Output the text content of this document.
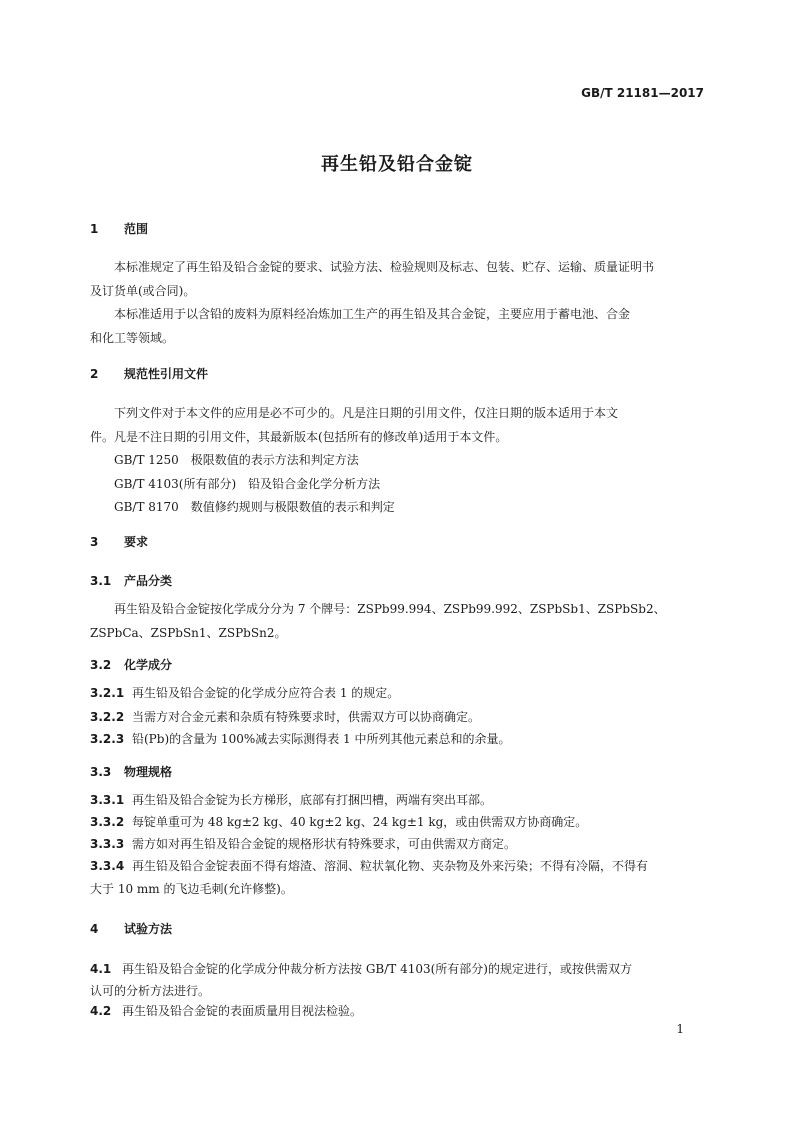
GB/T 21181—2017
再生铅及铅合金锭
1 范围

本标准规定了再生铅及铅合金锭的要求、试验方法、检验规则及标志、包装、贮存、运输、质量证明书

及订货单(或合同)。

本标准适用于以含铅的废料为原料经冶炼加工生产的再生铅及其合金锭，主要应用于蓄电池、合金

和化工等领域。
2 规范性引用文件

下列文件对于本文件的应用是必不可少的。凡是注日期的引用文件，仅注日期的版本适用于本文

件。凡是不注日期的引用文件，其最新版本(包括所有的修改单)适用于本文件。

GB/T 1250　极限数值的表示方法和判定方法

GB/T 4103(所有部分)　铅及铅合金化学分析方法

GB/T 8170　数值修约规则与极限数值的表示和判定

3 要求
3.1 产品分类

再生铅及铅合金锭按化学成分分为 7 个牌号：ZSPb99.994、ZSPb99.992、ZSPbSb1、ZSPbSb2、

ZSPbCa、ZSPbSn1、ZSPbSn2。
3.2 化学成分
3.2.1 再生铅及铅合金锭的化学成分应符合表 1 的规定。
3.2.2 当需方对合金元素和杂质有特殊要求时，供需双方可以协商确定。
3.2.3 铅(Pb)的含量为 100%减去实际测得表 1 中所列其他元素总和的余量。
3.3 物理规格
3.3.1 再生铅及铅合金锭为长方梯形，底部有打捆凹槽，两端有突出耳部。
3.3.2 每锭单重可为 48 kg±2 kg、40 kg±2 kg、24 kg±1 kg，或由供需双方协商确定。
3.3.3 需方如对再生铅及铅合金锭的规格形状有特殊要求，可由供需双方商定。
3.3.4 再生铅及铅合金锭表面不得有熔渣、溶洞、粒状氧化物、夹杂物及外来污染；不得有冷隔，不得有
大于 10 mm 的飞边毛刺(允许修整)。
4 试验方法
4.1 再生铅及铅合金锭的化学成分仲裁分析方法按 GB/T 4103(所有部分)的规定进行，或按供需双方
认可的分析方法进行。
4.2 再生铅及铅合金锭的表面质量用目视法检验。
1
